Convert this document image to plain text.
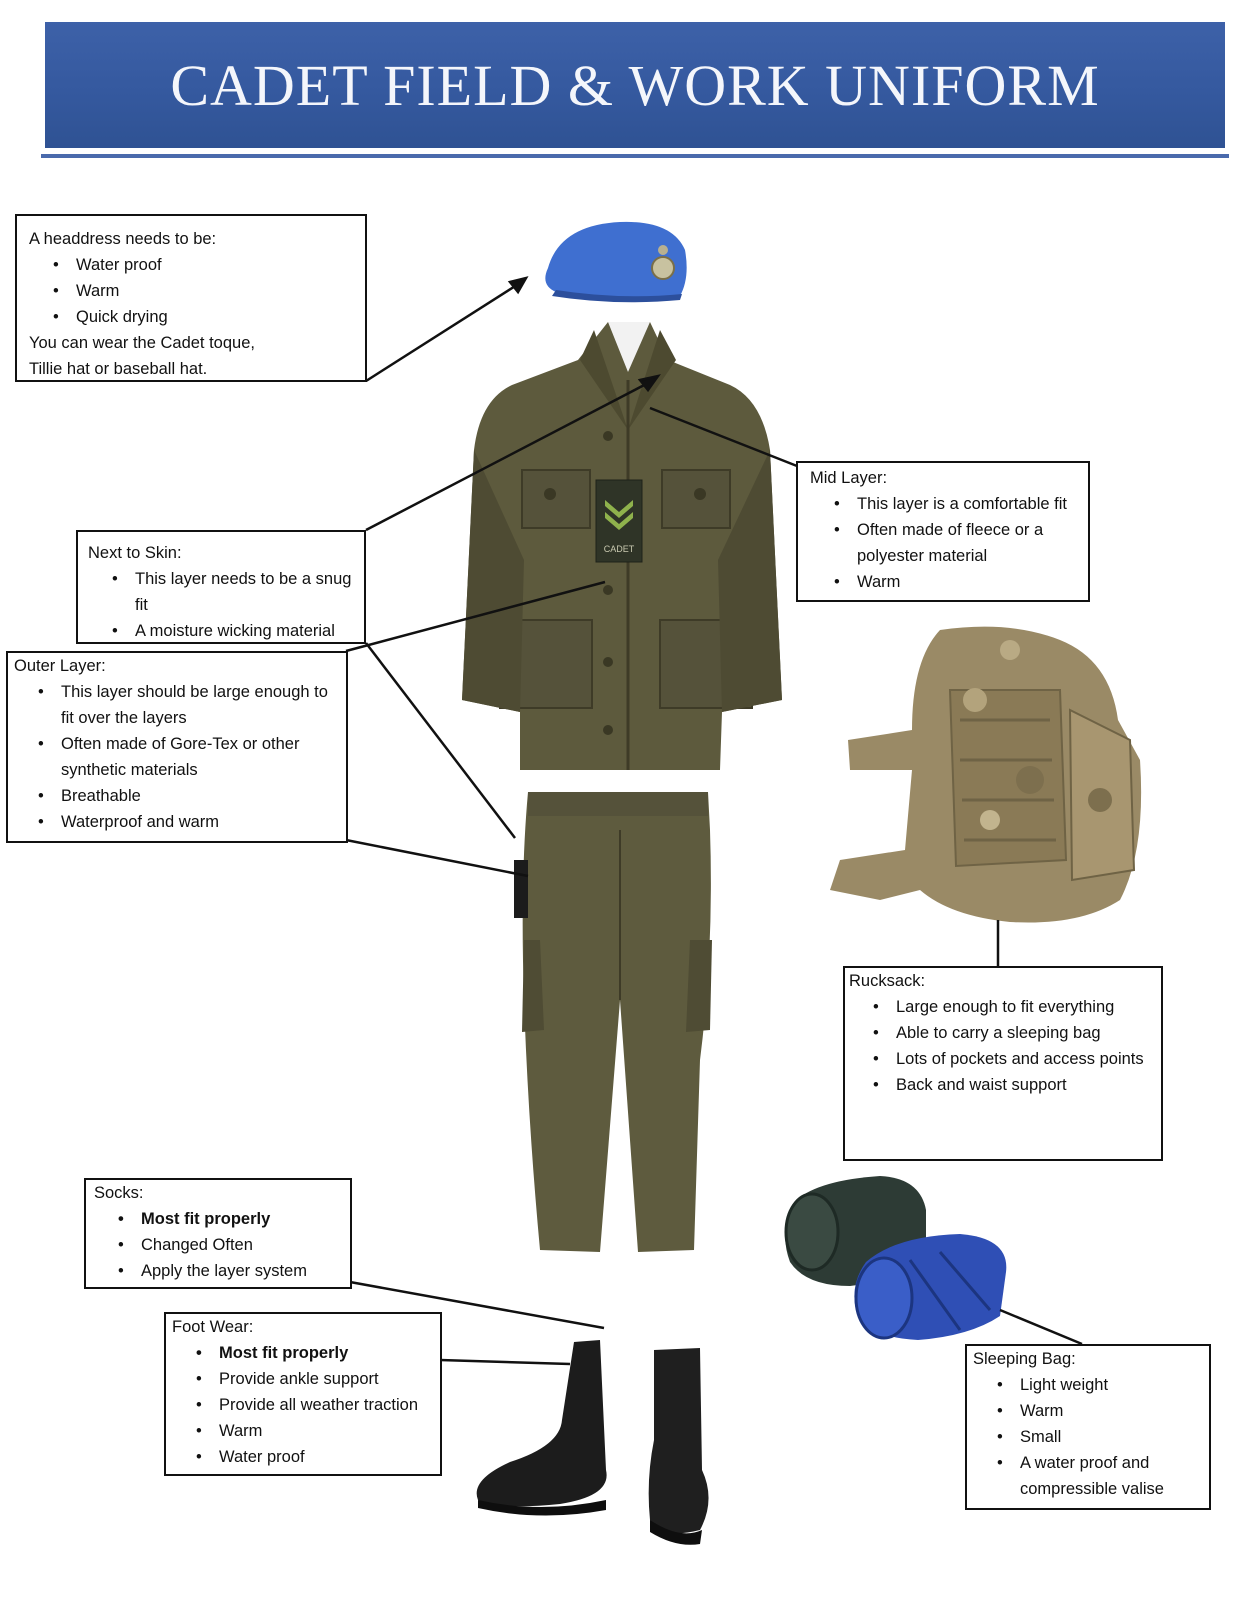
CADET FIELD & WORK UNIFORM
CADET
A headdress needs to be:
• Water proof
• Warm
• Quick drying
You can wear the Cadet toque,
Tillie hat or baseball hat.
Mid Layer:
• This layer is a comfortable fit
• Often made of fleece or a polyester material
• Warm
Next to Skin:
• This layer needs to be a snug fit
• A moisture wicking material
Outer Layer:
• This layer should be large enough to fit over the layers
• Often made of Gore-Tex or other synthetic materials
• Breathable
• Waterproof and warm
Rucksack:
• Large enough to fit everything
• Able to carry a sleeping bag
• Lots of pockets and access points
• Back and waist support
Socks:
• Most fit properly
• Changed Often
• Apply the layer system
Foot Wear:
• Most fit properly
• Provide ankle support
• Provide all weather traction
• Warm
• Water proof
Sleeping Bag:
• Light weight
• Warm
• Small
• A water proof and compressible valise
